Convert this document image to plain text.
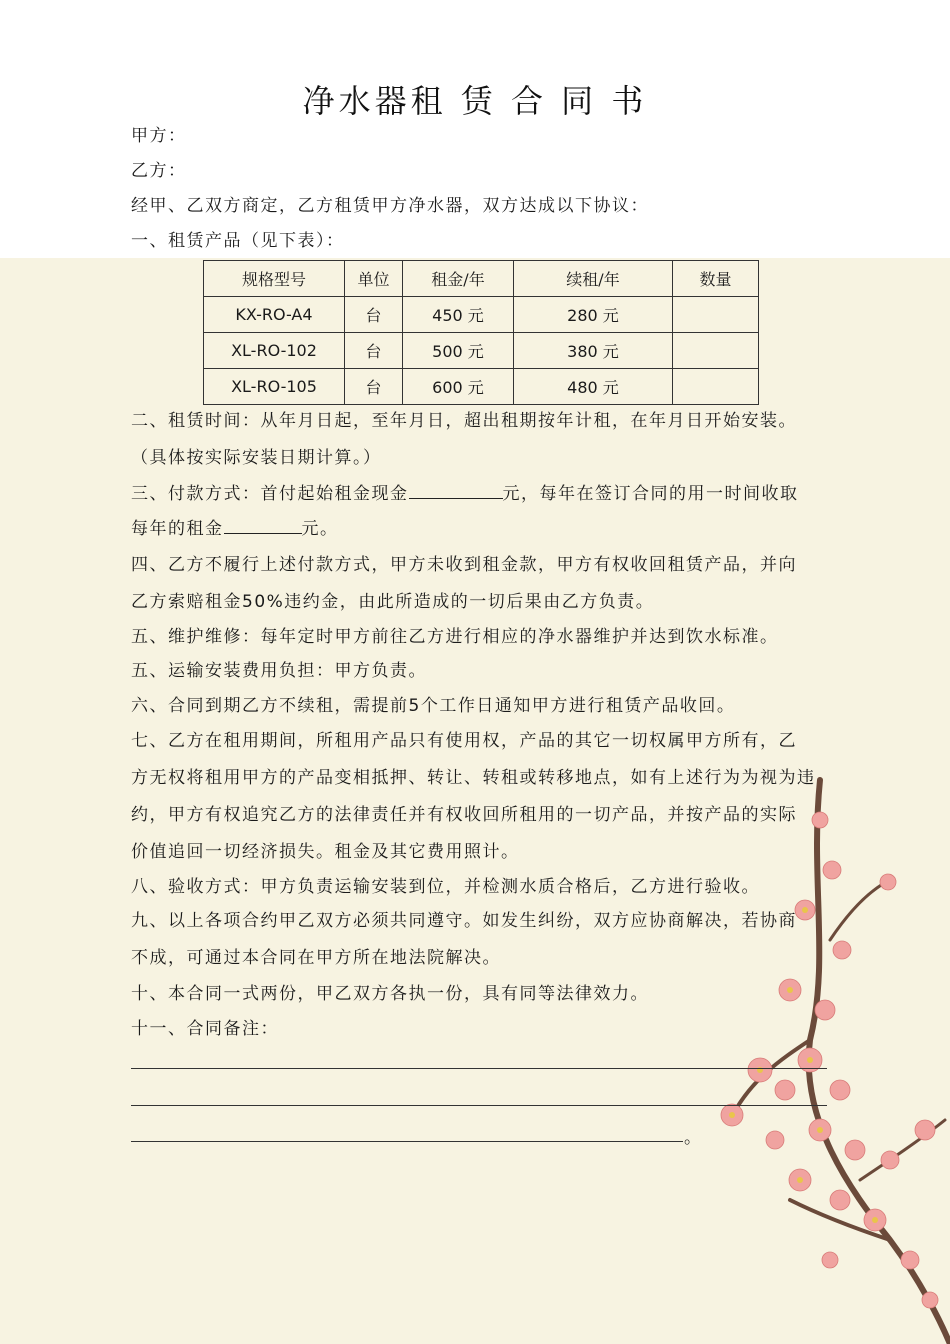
净水器租 赁 合 同 书
甲方：
乙方：
经甲、乙双方商定，乙方租赁甲方净水器，双方达成以下协议：
一、租赁产品（见下表）：
规格型号	单位	租金/年	续租/年	数量
KX-RO-A4	台	450 元	280 元	
XL-RO-102	台	500 元	380 元	
XL-RO-105	台	600 元	480 元	
二、租赁时间：从年月日起，至年月日，超出租期按年计租，在年月日开始安装。
（具体按实际安装日期计算。）
三、付款方式：首付起始租金现金	元，每年在签订合同的用一时间收取
每年的租金	元。
四、乙方不履行上述付款方式，甲方未收到租金款，甲方有权收回租赁产品，并向
乙方索赔租金50%违约金，由此所造成的一切后果由乙方负责。
五、维护维修：每年定时甲方前往乙方进行相应的净水器维护并达到饮水标准。
五、运输安装费用负担：甲方负责。
六、合同到期乙方不续租，需提前5个工作日通知甲方进行租赁产品收回。
七、乙方在租用期间，所租用产品只有使用权，产品的其它一切权属甲方所有，乙
方无权将租用甲方的产品变相抵押、转让、转租或转移地点，如有上述行为为视为违
约，甲方有权追究乙方的法律责任并有权收回所租用的一切产品，并按产品的实际
价值追回一切经济损失。租金及其它费用照计。
八、验收方式：甲方负责运输安装到位，并检测水质合格后，乙方进行验收。
九、以上各项合约甲乙双方必须共同遵守。如发生纠纷，双方应协商解决，若协商
不成，可通过本合同在甲方所在地法院解决。
十、本合同一式两份，甲乙双方各执一份，具有同等法律效力。
十一、合同备注：
。
